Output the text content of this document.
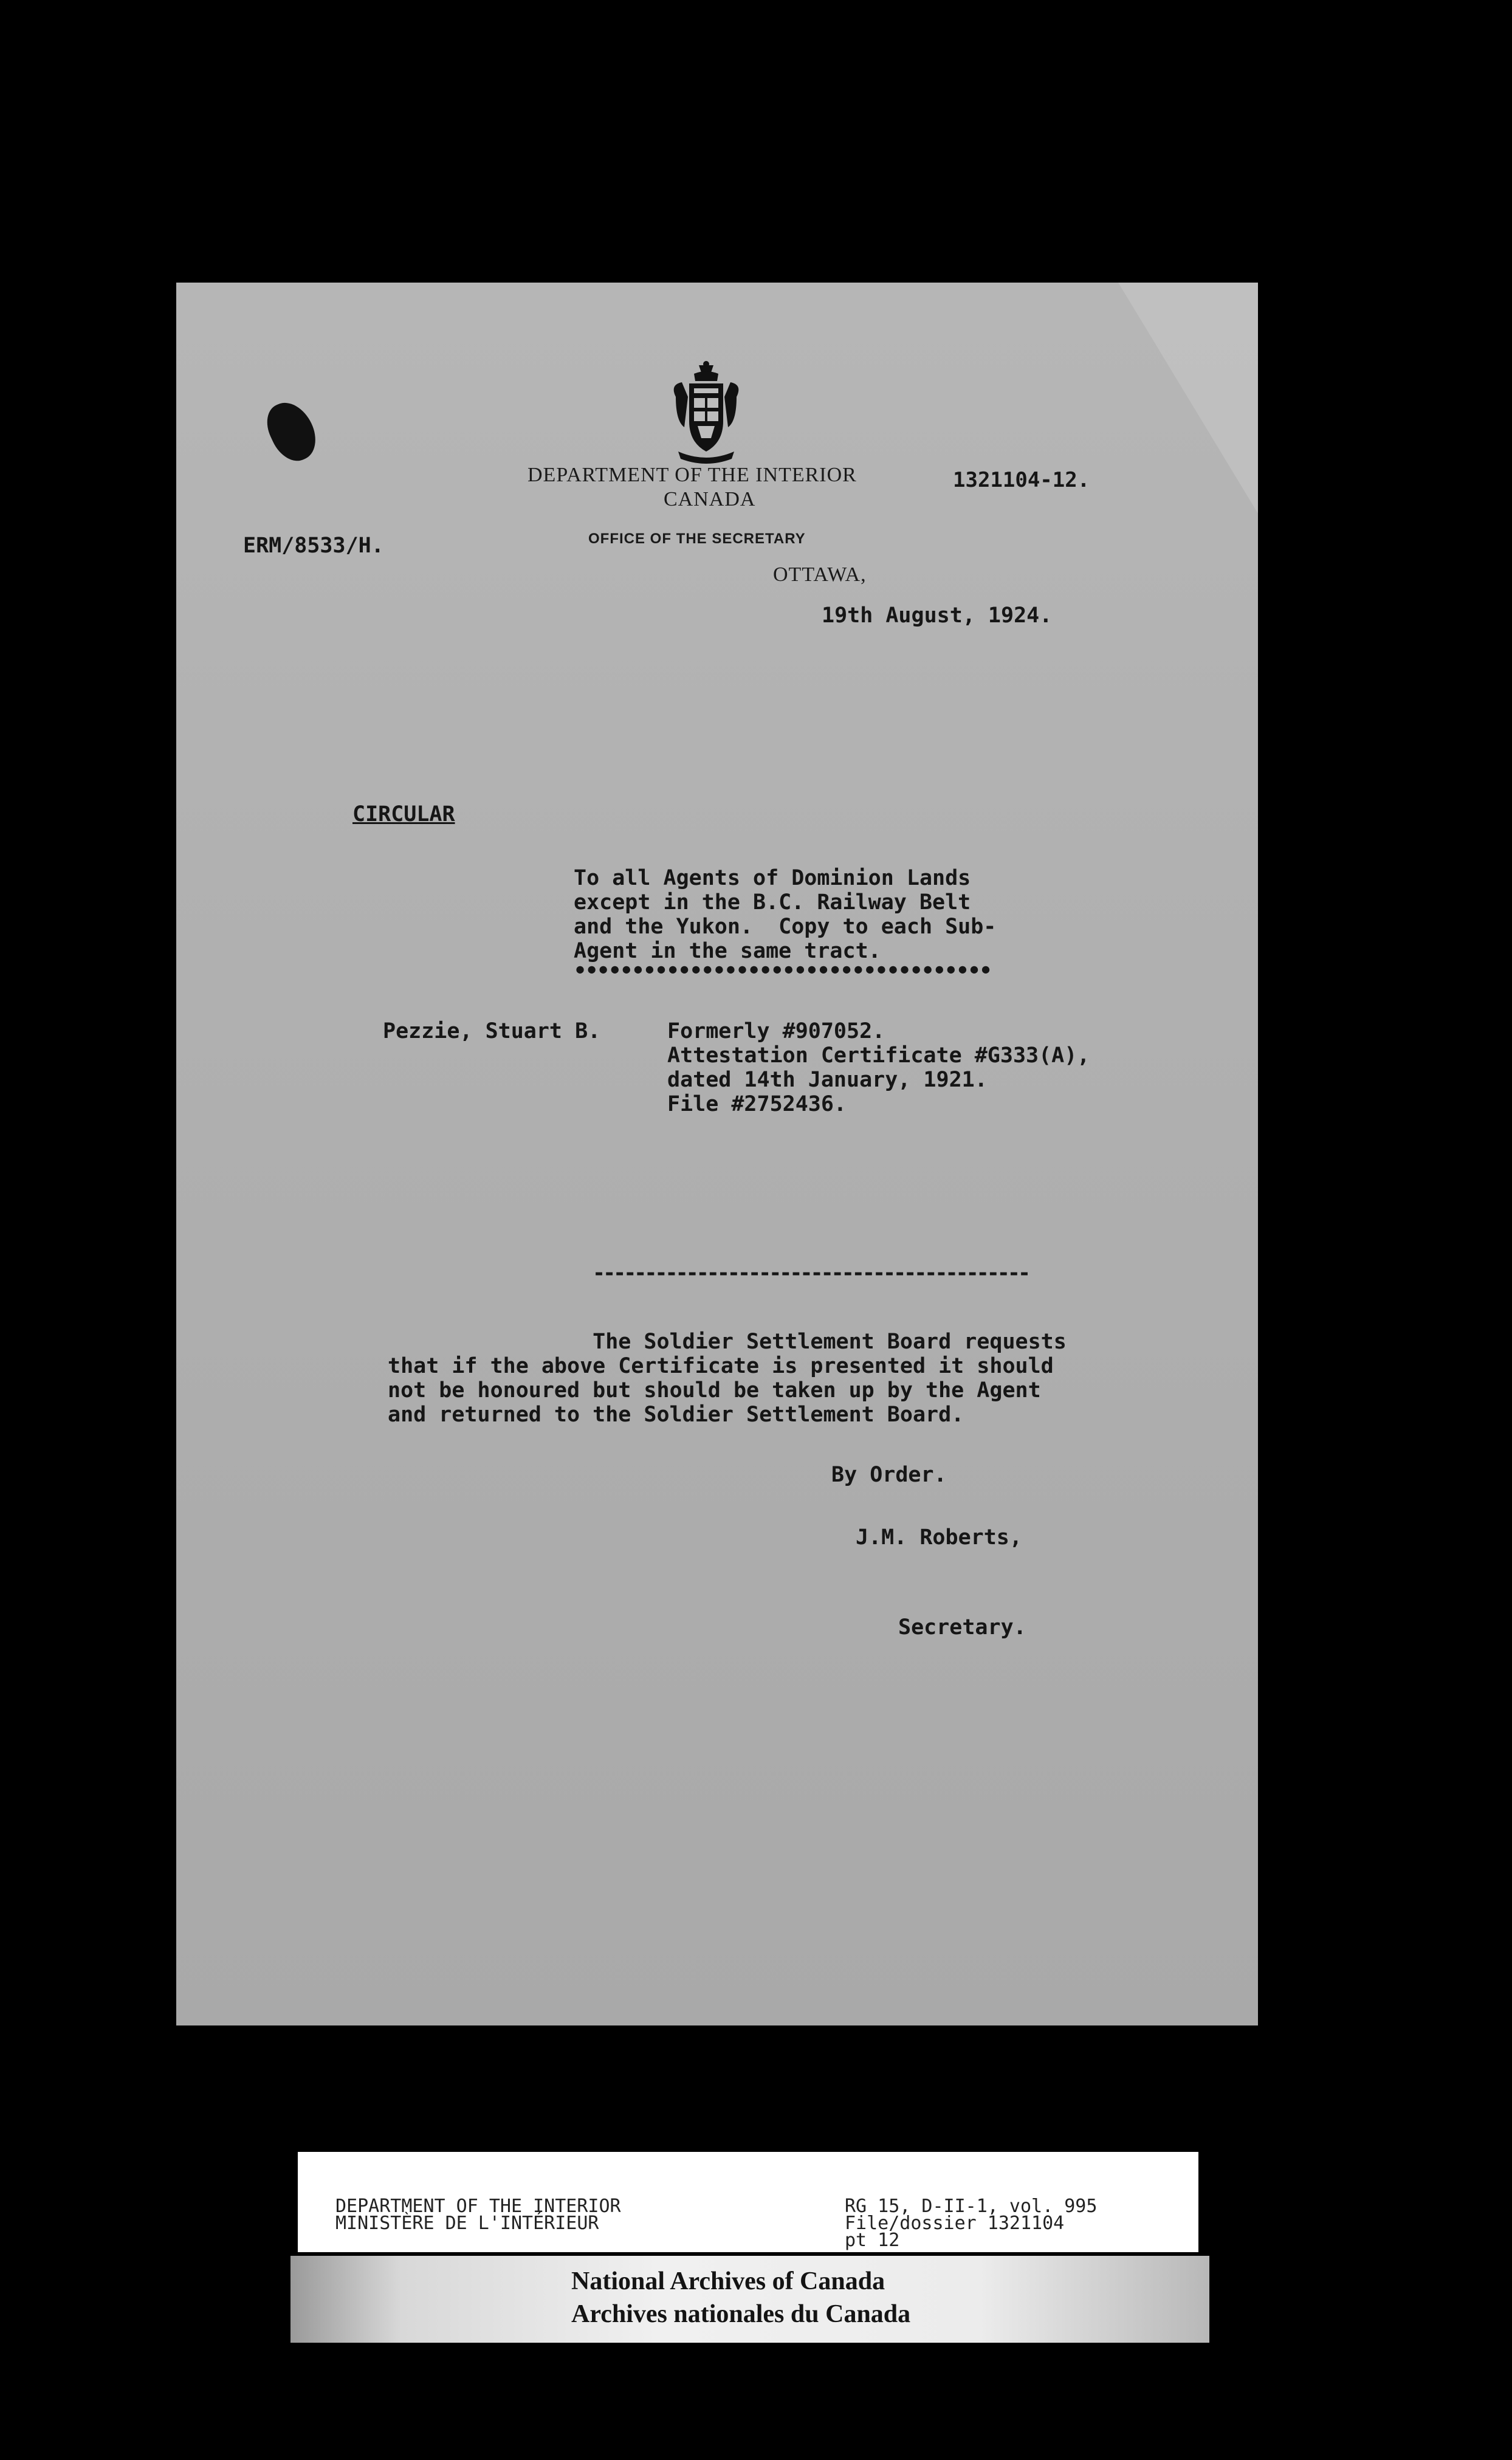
DEPARTMENT OF THE INTERIOR
CANADA
OFFICE OF THE SECRETARY
OTTAWA,
1321104-12.
ERM/8533/H.
19th August, 1924.
CIRCULAR
To all Agents of Dominion Lands
except in the B.C. Railway Belt
and the Yukon.  Copy to each Sub-
Agent in the same tract.
••••••••••••••••••••••••••••••••••••
Pezzie, Stuart B.	Formerly #907052.
Attestation Certificate #G333(A),
dated 14th January, 1921.
File #2752436.
------------------------------------------
The Soldier Settlement Board requests
that if the above Certificate is presented it should
not be honoured but should be taken up by the Agent
and returned to the Soldier Settlement Board.
By Order.
J.M. Roberts,
Secretary.
DEPARTMENT OF THE INTERIOR
MINISTÈRE DE L'INTÉRIEUR
RG 15, D-II-1, vol. 995
File/dossier 1321104
pt 12
National Archives of Canada
Archives nationales du Canada
